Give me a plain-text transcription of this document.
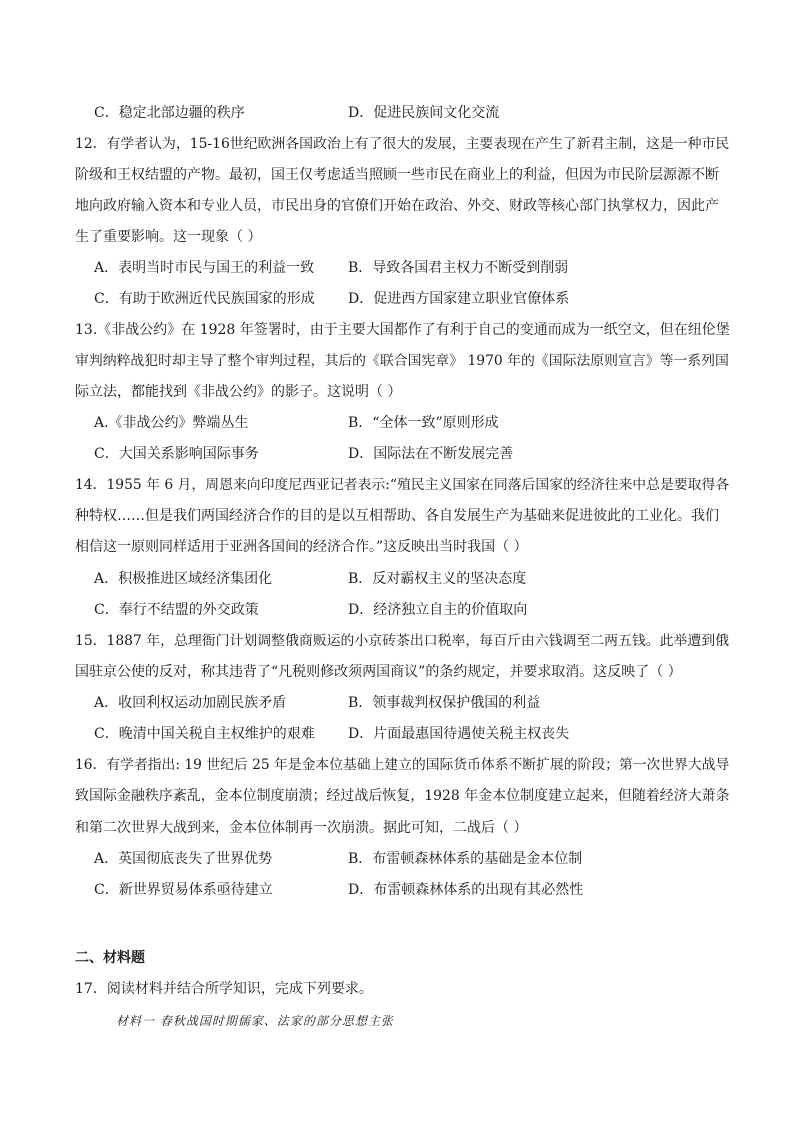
C．稳定北部边疆的秩序	D．促进民族间文化交流
12．有学者认为，15-16世纪欧洲各国政治上有了很大的发展，主要表现在产生了新君主制，这是一种市民
阶级和王权结盟的产物。最初，国王仅考虑适当照顾一些市民在商业上的利益，但因为市民阶层源源不断
地向政府输入资本和专业人员，市民出身的官僚们开始在政治、外交、财政等核心部门执掌权力，因此产
生了重要影响。这一现象（ ）
A．表明当时市民与国王的利益一致 B．导致各国君主权力不断受到削弱
C．有助于欧洲近代民族国家的形成 D．促进西方国家建立职业官僚体系
13.《非战公约》在 1928 年签署时，由于主要大国都作了有利于自己的变通而成为一纸空文，但在纽伦堡
审判纳粹战犯时却主导了整个审判过程，其后的《联合国宪章》 1970 年的《国际法原则宣言》等一系列国
际立法，都能找到《非战公约》的影子。这说明（ ）
A.《非战公约》弊端丛生	B．“全体一致”原则形成
C．大国关系影响国际事务	D．国际法在不断发展完善
14．1955 年 6 月，周恩来向印度尼西亚记者表示:“殖民主义国家在同落后国家的经济往来中总是要取得各
种特权……但是我们两国经济合作的目的是以互相帮助、各自发展生产为基础来促进彼此的工业化。我们
相信这一原则同样适用于亚洲各国间的经济合作。”这反映出当时我国（ ）
A．积极推进区域经济集团化	B．反对霸权主义的坚决态度
C．奉行不结盟的外交政策	D．经济独立自主的价值取向
15．1887 年，总理衙门计划调整俄商贩运的小京砖茶出口税率，每百斤由六钱调至二两五钱。此举遭到俄
国驻京公使的反对，称其违背了“凡税则修改须两国商议”的条约规定，并要求取消。这反映了（ ）
A．收回利权运动加剧民族矛盾	B．领事裁判权保护俄国的利益
C．晚清中国关税自主权维护的艰难 D．片面最惠国待遇使关税主权丧失
16．有学者指出: 19 世纪后 25 年是金本位基础上建立的国际货币体系不断扩展的阶段；第一次世界大战导
致国际金融秩序紊乱，金本位制度崩溃；经过战后恢复，1928 年金本位制度建立起来，但随着经济大萧条
和第二次世界大战到来，金本位体制再一次崩溃。据此可知，二战后（ ）
A．英国彻底丧失了世界优势	B．布雷顿森林体系的基础是金本位制
C．新世界贸易体系亟待建立	D．布雷顿森林体系的出现有其必然性
二、材料题
17．阅读材料并结合所学知识，完成下列要求。
材料一 春秋战国时期儒家、法家的部分思想主张
